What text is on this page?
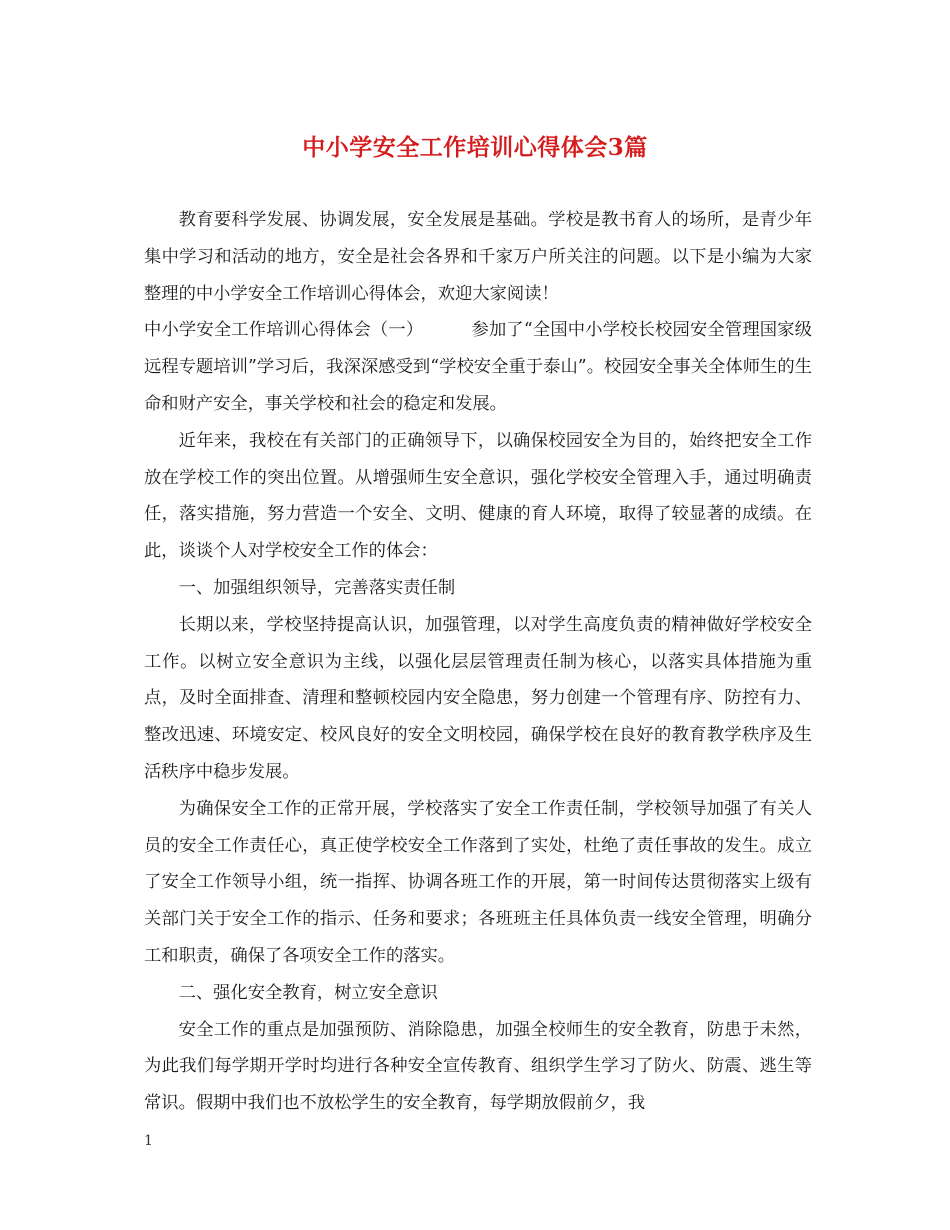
中小学安全工作培训心得体会3篇

教育要科学发展、协调发展，安全发展是基础。学校是教书育人的场所，是青少年集中学习和活动的地方，安全是社会各界和千家万户所关注的问题。以下是小编为大家整理的中小学安全工作培训心得体会，欢迎大家阅读！

中小学安全工作培训心得体会（一）	参加了“全国中小学校长校园安全管理国家级远程专题培训”学习后，我深深感受到“学校安全重于泰山”。校园安全事关全体师生的生命和财产安全，事关学校和社会的稳定和发展。

近年来，我校在有关部门的正确领导下，以确保校园安全为目的，始终把安全工作放在学校工作的突出位置。从增强师生安全意识，强化学校安全管理入手，通过明确责任，落实措施，努力营造一个安全、文明、健康的育人环境，取得了较显著的成绩。在此，谈谈个人对学校安全工作的体会：

一、加强组织领导，完善落实责任制

长期以来，学校坚持提高认识，加强管理，以对学生高度负责的精神做好学校安全工作。以树立安全意识为主线，以强化层层管理责任制为核心，以落实具体措施为重点，及时全面排查、清理和整顿校园内安全隐患，努力创建一个管理有序、防控有力、整改迅速、环境安定、校风良好的安全文明校园，确保学校在良好的教育教学秩序及生活秩序中稳步发展。

为确保安全工作的正常开展，学校落实了安全工作责任制，学校领导加强了有关人员的安全工作责任心，真正使学校安全工作落到了实处，杜绝了责任事故的发生。成立了安全工作领导小组，统一指挥、协调各班工作的开展，第一时间传达贯彻落实上级有关部门关于安全工作的指示、任务和要求；各班班主任具体负责一线安全管理，明确分工和职责，确保了各项安全工作的落实。

二、强化安全教育，树立安全意识

安全工作的重点是加强预防、消除隐患，加强全校师生的安全教育，防患于未然，为此我们每学期开学时均进行各种安全宣传教育、组织学生学习了防火、防震、逃生等常识。假期中我们也不放松学生的安全教育，每学期放假前夕，我

1
